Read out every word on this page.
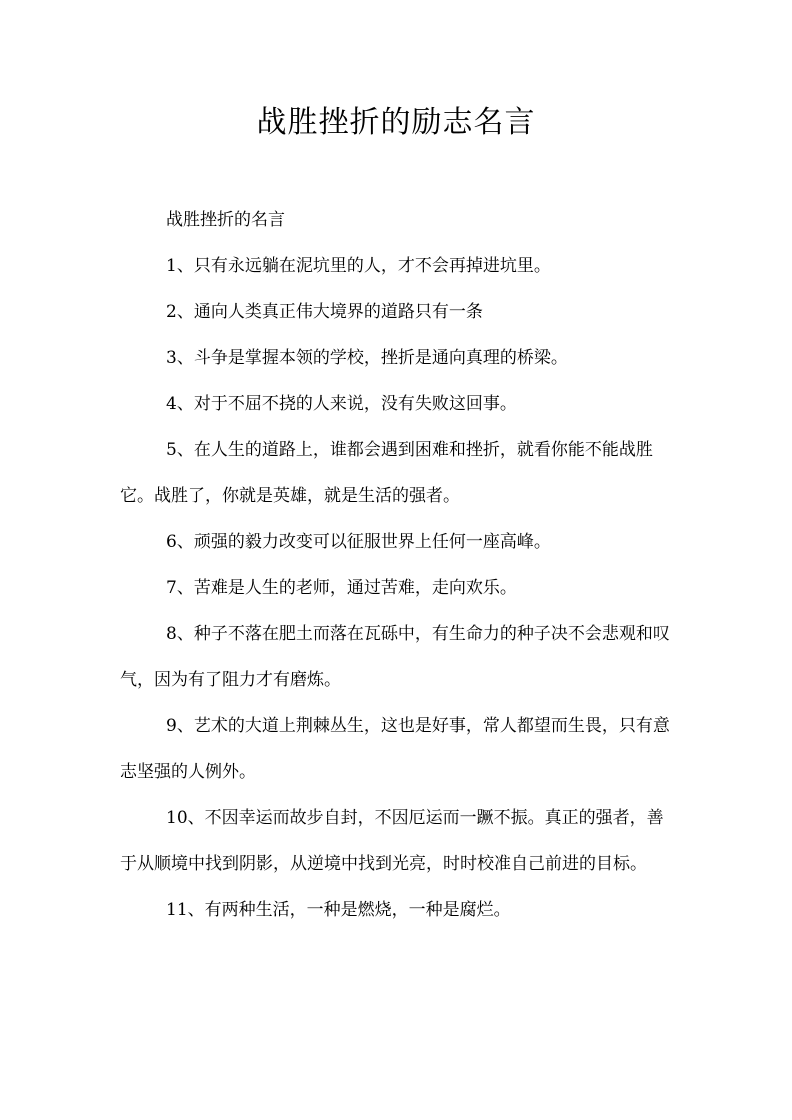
战胜挫折的励志名言

战胜挫折的名言

1、只有永远躺在泥坑里的人，才不会再掉进坑里。

2、通向人类真正伟大境界的道路只有一条

3、斗争是掌握本领的学校，挫折是通向真理的桥梁。

4、对于不屈不挠的人来说，没有失败这回事。

5、在人生的道路上，谁都会遇到困难和挫折，就看你能不能战胜它。战胜了，你就是英雄，就是生活的强者。

6、顽强的毅力改变可以征服世界上任何一座高峰。

7、苦难是人生的老师，通过苦难，走向欢乐。

8、种子不落在肥土而落在瓦砾中，有生命力的种子决不会悲观和叹气，因为有了阻力才有磨炼。

9、艺术的大道上荆棘丛生，这也是好事，常人都望而生畏，只有意志坚强的人例外。

10、不因幸运而故步自封，不因厄运而一蹶不振。真正的强者，善于从顺境中找到阴影，从逆境中找到光亮，时时校准自己前进的目标。

11、有两种生活，一种是燃烧，一种是腐烂。
